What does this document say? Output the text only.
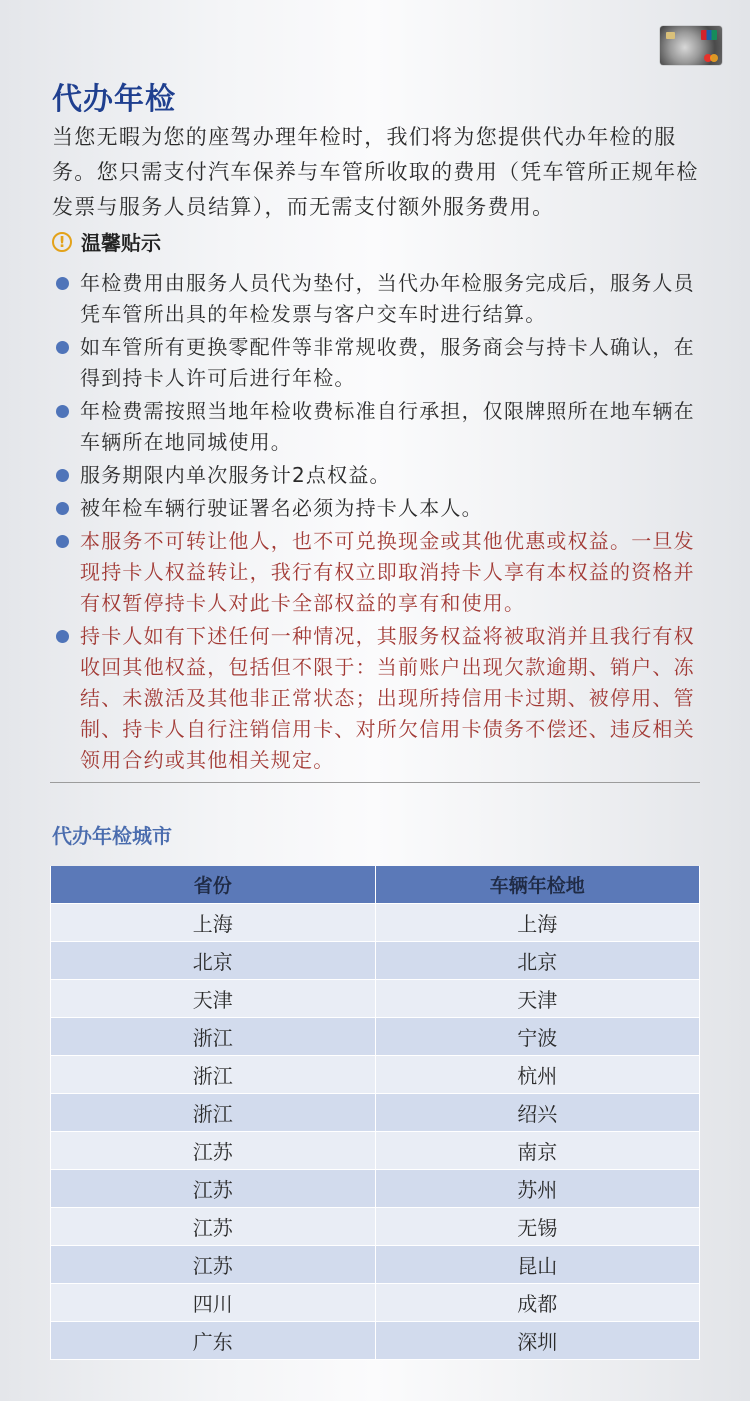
代办年检

当您无暇为您的座驾办理年检时，我们将为您提供代办年检的服务。您只需支付汽车保养与车管所收取的费用（凭车管所正规年检发票与服务人员结算），而无需支付额外服务费用。

! 温馨贴示
年检费用由服务人员代为垫付，当代办年检服务完成后，服务人员凭车管所出具的年检发票与客户交车时进行结算。
如车管所有更换零配件等非常规收费，服务商会与持卡人确认，在得到持卡人许可后进行年检。
年检费需按照当地年检收费标准自行承担，仅限牌照所在地车辆在车辆所在地同城使用。
服务期限内单次服务计2点权益。
被年检车辆行驶证署名必须为持卡人本人。
本服务不可转让他人，也不可兑换现金或其他优惠或权益。一旦发现持卡人权益转让，我行有权立即取消持卡人享有本权益的资格并有权暂停持卡人对此卡全部权益的享有和使用。
持卡人如有下述任何一种情况，其服务权益将被取消并且我行有权收回其他权益，包括但不限于：当前账户出现欠款逾期、销户、冻结、未激活及其他非正常状态；出现所持信用卡过期、被停用、管制、持卡人自行注销信用卡、对所欠信用卡债务不偿还、违反相关领用合约或其他相关规定。
代办年检城市
省份	车辆年检地
上海	上海
北京	北京
天津	天津
浙江	宁波
浙江	杭州
浙江	绍兴
江苏	南京
江苏	苏州
江苏	无锡
江苏	昆山
四川	成都
广东	深圳
